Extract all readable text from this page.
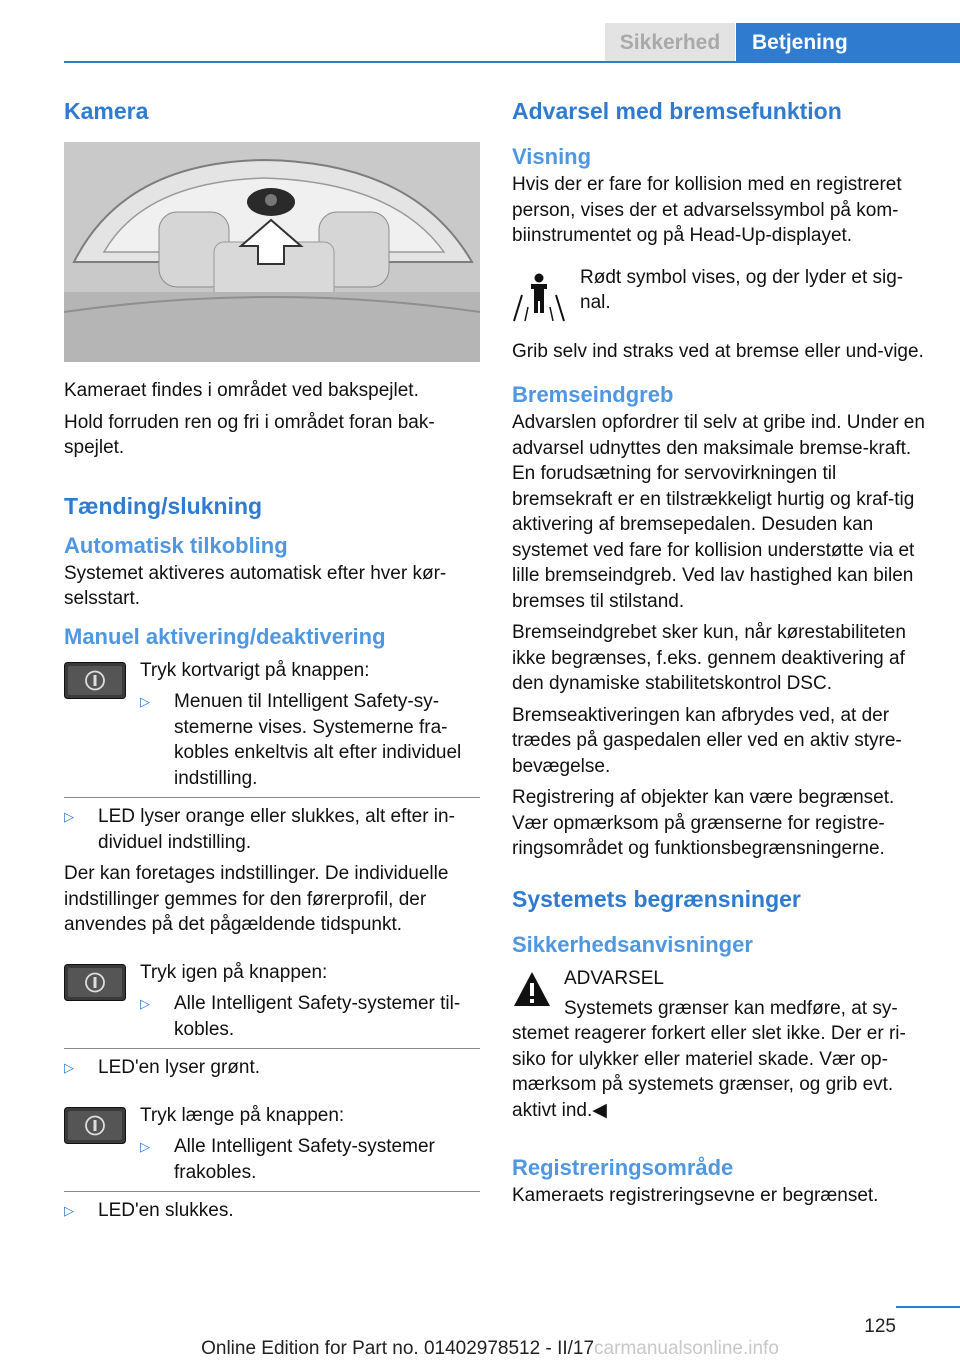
Sikkerhed	Betjening
Kamera

Kameraet findes i området ved bakspejlet.

Hold forruden ren og fri i området foran bak-spejlet.

Tænding/slukning
Automatisk tilkobling

Systemet aktiveres automatisk efter hver kør-selsstart.

Manuel aktivering/deaktivering
Tryk kortvarigt på knappen:
▷	Menuen til Intelligent Safety-sy-stemerne vises. Systemerne fra-kobles enkeltvis alt efter individuel indstilling.
▷	LED lyser orange eller slukkes, alt efter in-dividuel indstilling.

Der kan foretages indstillinger. De individuelle indstillinger gemmes for den førerprofil, der anvendes på det pågældende tidspunkt.

Tryk igen på knappen:
▷	Alle Intelligent Safety-systemer til-kobles.
▷	LED'en lyser grønt.
Tryk længe på knappen:
▷	Alle Intelligent Safety-systemer frakobles.
▷	LED'en slukkes.
Advarsel med bremsefunktion
Visning

Hvis der er fare for kollision med en registreret person, vises der et advarselssymbol på kom-biinstrumentet og på Head-Up-displayet.

Rødt symbol vises, og der lyder et sig-nal.

Grib selv ind straks ved at bremse eller und-vige.

Bremseindgreb

Advarslen opfordrer til selv at gribe ind. Under en advarsel udnyttes den maksimale bremse-kraft. En forudsætning for servovirkningen til bremsekraft er en tilstrækkeligt hurtig og kraf-tig aktivering af bremsepedalen. Desuden kan systemet ved fare for kollision understøtte via et lille bremseindgreb. Ved lav hastighed kan bilen bremses til stilstand.

Bremseindgrebet sker kun, når kørestabiliteten ikke begrænses, f.eks. gennem deaktivering af den dynamiske stabilitetskontrol DSC.

Bremseaktiveringen kan afbrydes ved, at der trædes på gaspedalen eller ved en aktiv styre-bevægelse.

Registrering af objekter kan være begrænset. Vær opmærksom på grænserne for registre-ringsområdet og funktionsbegrænsningerne.

Systemets begrænsninger
Sikkerhedsanvisninger
ADVARSEL

Systemets grænser kan medføre, at sy-stemet reagerer forkert eller slet ikke. Der er ri-siko for ulykker eller materiel skade. Vær op-mærksom på systemets grænser, og grib evt. aktivt ind.◀

Registreringsområde

Kameraets registreringsevne er begrænset.

125
Online Edition for Part no. 01402978512 - II/17carmanualsonline.info
